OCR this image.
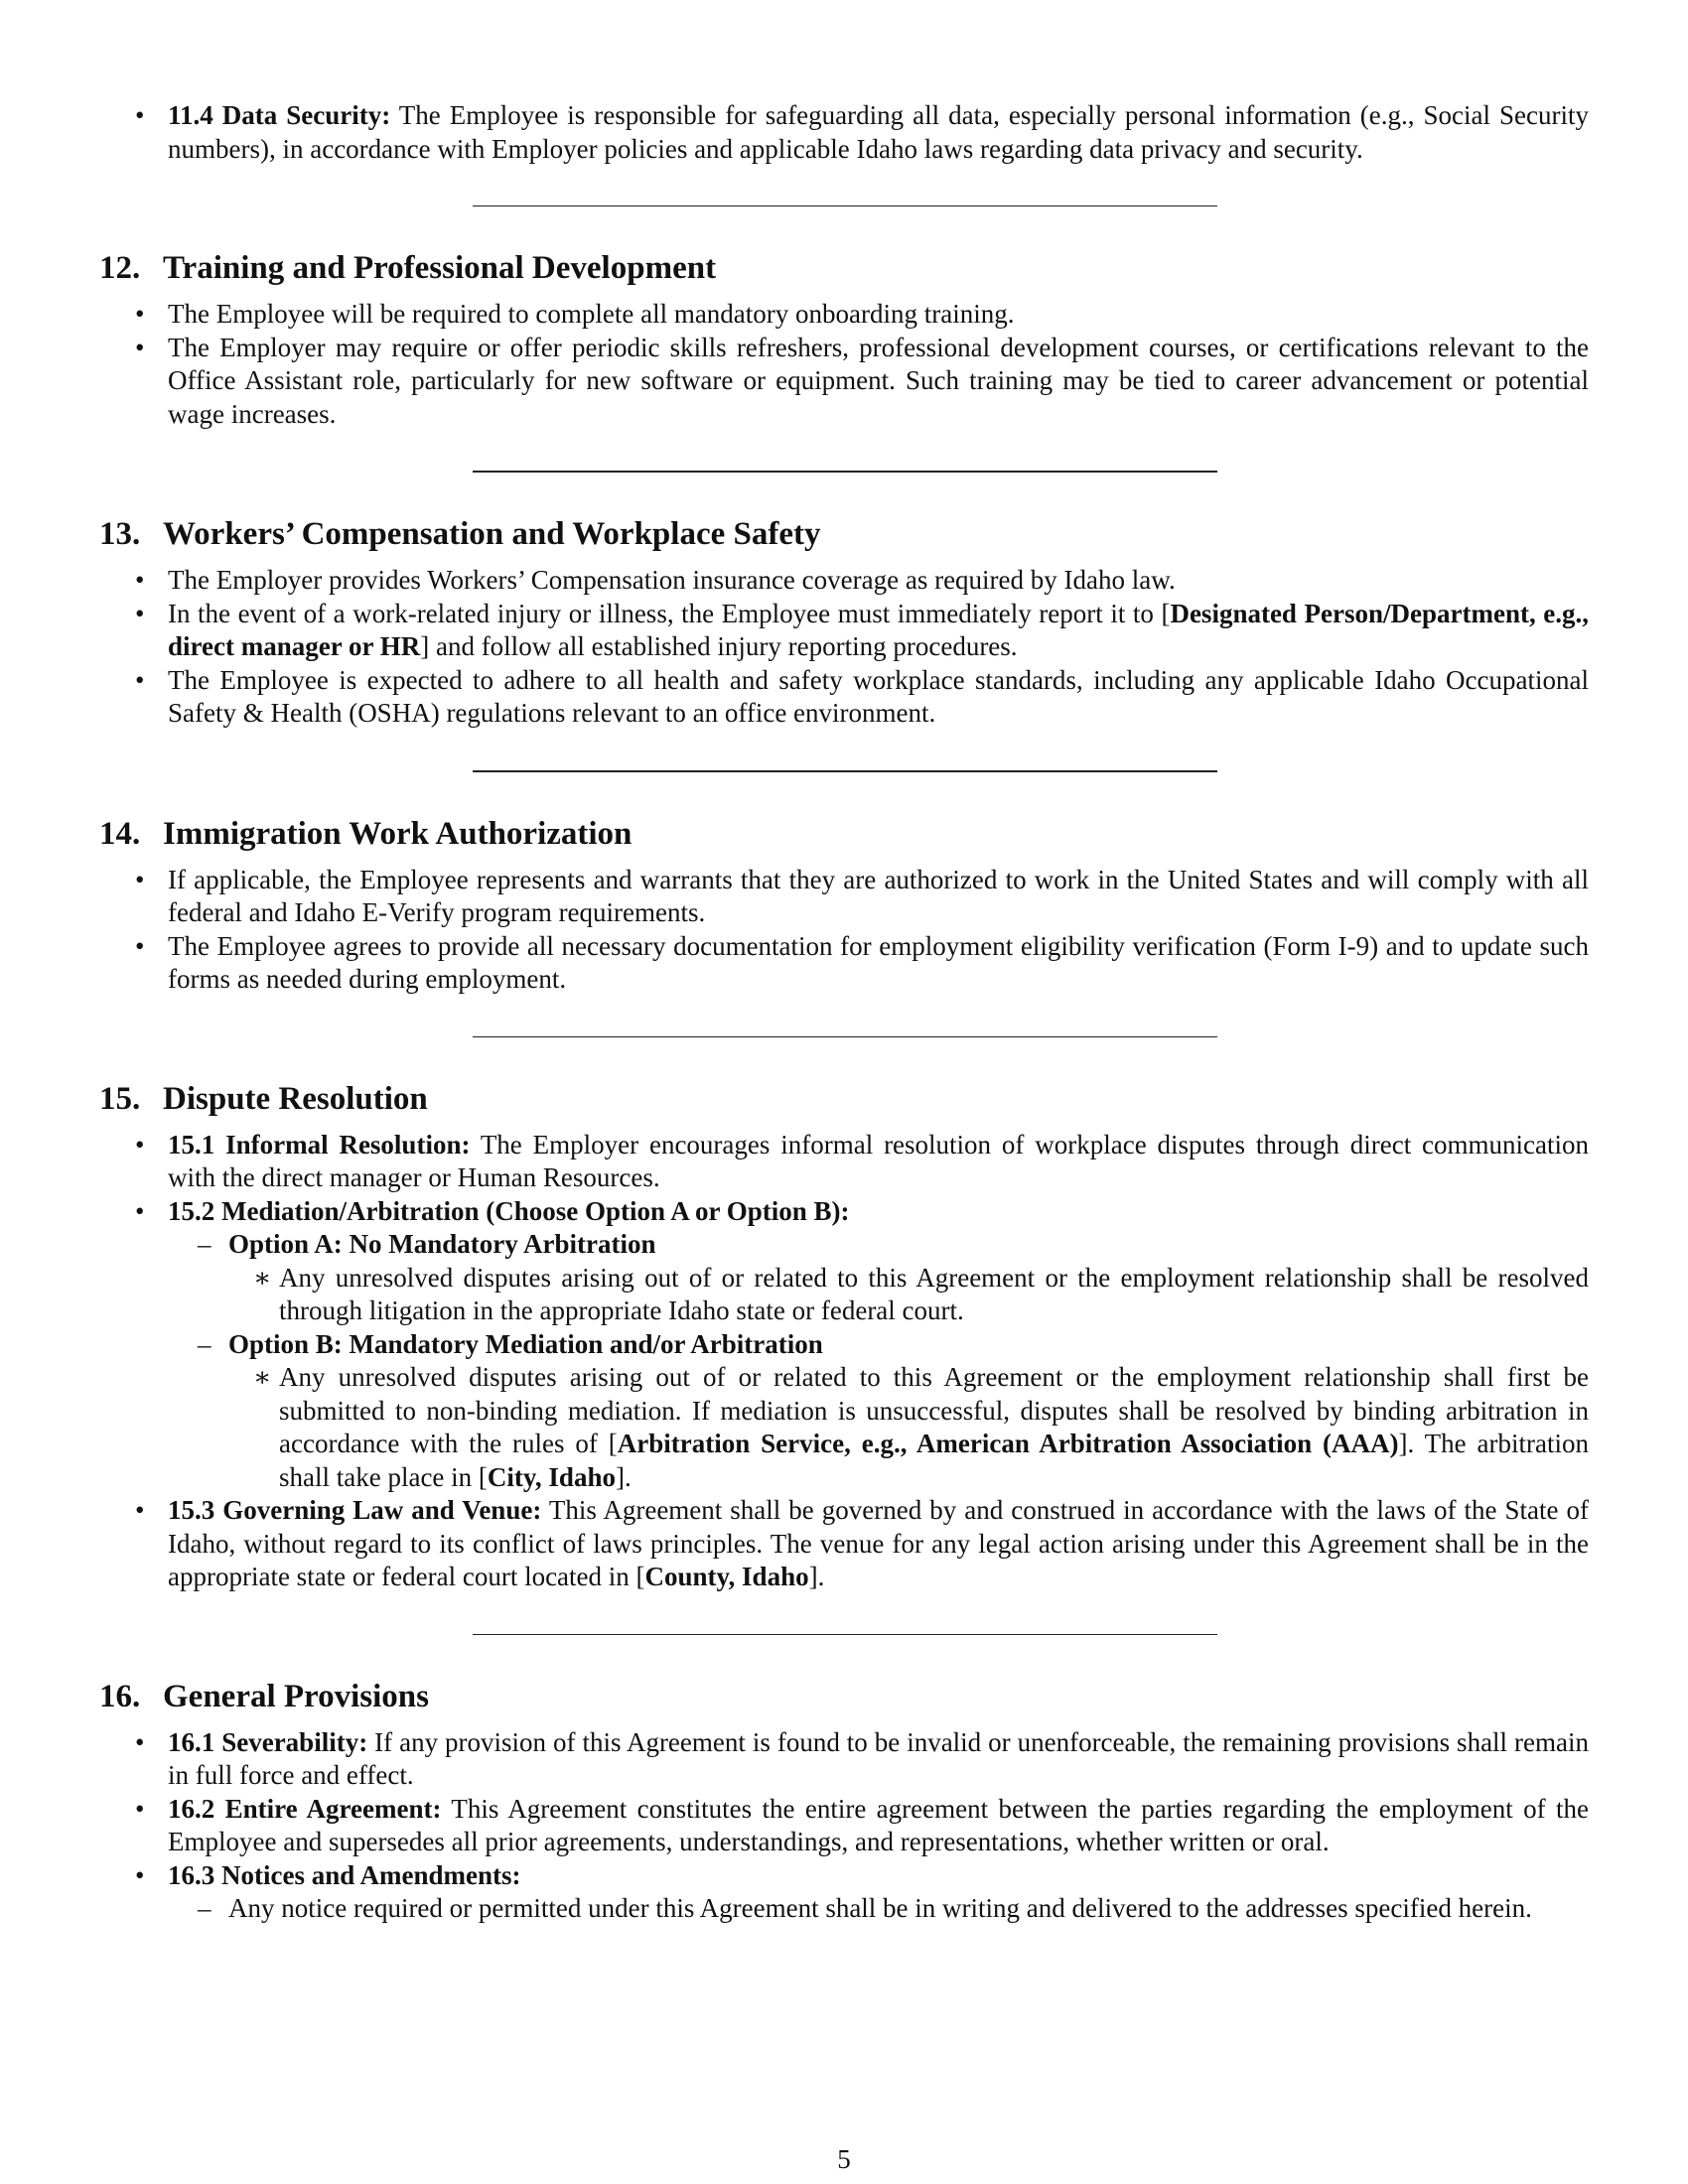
• 11.4 Data Security: The Employee is responsible for safeguarding all data, especially personal information (e.g., Social Security numbers), in accordance with Employer policies and applicable Idaho laws regarding data privacy and security.
12. Training and Professional Development
• The Employee will be required to complete all mandatory onboarding training.
• The Employer may require or offer periodic skills refreshers, professional development courses, or certifications relevant to the Office Assistant role, particularly for new software or equipment. Such training may be tied to career advancement or potential wage increases.
13. Workers’ Compensation and Workplace Safety
• The Employer provides Workers’ Compensation insurance coverage as required by Idaho law.
• In the event of a work-related injury or illness, the Employee must immediately report it to [Designated Person/Department, e.g., direct manager or HR] and follow all established injury reporting procedures.
• The Employee is expected to adhere to all health and safety workplace standards, including any applicable Idaho Occupational Safety & Health (OSHA) regulations relevant to an office environment.
14. Immigration Work Authorization
• If applicable, the Employee represents and warrants that they are authorized to work in the United States and will comply with all federal and Idaho E-Verify program requirements.
• The Employee agrees to provide all necessary documentation for employment eligibility verification (Form I-9) and to update such forms as needed during employment.
15. Dispute Resolution
• 15.1 Informal Resolution: The Employer encourages informal resolution of workplace disputes through direct communication with the direct manager or Human Resources.
• 15.2 Mediation/Arbitration (Choose Option A or Option B):
– Option A: No Mandatory Arbitration
∗ Any unresolved disputes arising out of or related to this Agreement or the employment relationship shall be resolved through litigation in the appropriate Idaho state or federal court.
– Option B: Mandatory Mediation and/or Arbitration
∗ Any unresolved disputes arising out of or related to this Agreement or the employment relationship shall first be submitted to non-binding mediation. If mediation is unsuccessful, disputes shall be resolved by binding arbitration in accordance with the rules of [Arbitration Service, e.g., American Arbitration Association (AAA)]. The arbitration shall take place in [City, Idaho].
• 15.3 Governing Law and Venue: This Agreement shall be governed by and construed in accordance with the laws of the State of Idaho, without regard to its conflict of laws principles. The venue for any legal action arising under this Agreement shall be in the appropriate state or federal court located in [County, Idaho].
16. General Provisions
• 16.1 Severability: If any provision of this Agreement is found to be invalid or unenforceable, the remaining provisions shall remain in full force and effect.
• 16.2 Entire Agreement: This Agreement constitutes the entire agreement between the parties regarding the employment of the Employee and supersedes all prior agreements, understandings, and representations, whether written or oral.
• 16.3 Notices and Amendments:
– Any notice required or permitted under this Agreement shall be in writing and delivered to the addresses specified herein.
5
